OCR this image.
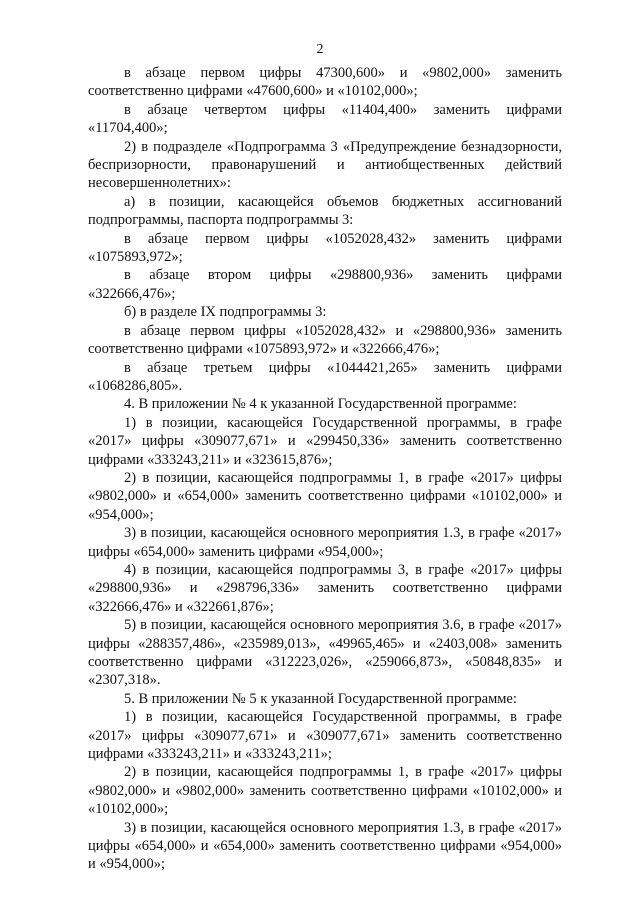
2

в абзаце первом цифры 47300,600» и «9802,000» заменить соответственно цифрами «47600,600» и «10102,000»;

в абзаце четвертом цифры «11404,400» заменить цифрами «11704,400»;

2) в подразделе «Подпрограмма 3 «Предупреждение безнадзорности, беспризорности, правонарушений и антиобщественных действий несовершеннолетних»:

а) в позиции, касающейся объемов бюджетных ассигнований подпрограммы, паспорта подпрограммы 3:

в абзаце первом цифры «1052028,432» заменить цифрами «1075893,972»;

в абзаце втором цифры «298800,936» заменить цифрами «322666,476»;

б) в разделе IX подпрограммы 3:

в абзаце первом цифры «1052028,432» и «298800,936» заменить соответственно цифрами «1075893,972» и «322666,476»;

в абзаце третьем цифры «1044421,265» заменить цифрами «1068286,805».

4. В приложении № 4 к указанной Государственной программе:

1) в позиции, касающейся Государственной программы, в графе «2017» цифры «309077,671» и «299450,336» заменить соответственно цифрами «333243,211» и «323615,876»;

2) в позиции, касающейся подпрограммы 1, в графе «2017» цифры «9802,000» и «654,000» заменить соответственно цифрами «10102,000» и «954,000»;

3) в позиции, касающейся основного мероприятия 1.3, в графе «2017» цифры «654,000» заменить цифрами «954,000»;

4) в позиции, касающейся подпрограммы 3, в графе «2017» цифры «298800,936» и «298796,336» заменить соответственно цифрами «322666,476» и «322661,876»;

5) в позиции, касающейся основного мероприятия 3.6, в графе «2017» цифры «288357,486», «235989,013», «49965,465» и «2403,008» заменить соответственно цифрами «312223,026», «259066,873», «50848,835» и «2307,318».

5. В приложении № 5 к указанной Государственной программе:

1) в позиции, касающейся Государственной программы, в графе «2017» цифры «309077,671» и «309077,671» заменить соответственно цифрами «333243,211» и «333243,211»;

2) в позиции, касающейся подпрограммы 1, в графе «2017» цифры «9802,000» и «9802,000» заменить соответственно цифрами «10102,000» и «10102,000»;

3) в позиции, касающейся основного мероприятия 1.3, в графе «2017» цифры «654,000» и «654,000» заменить соответственно цифрами «954,000» и «954,000»;
